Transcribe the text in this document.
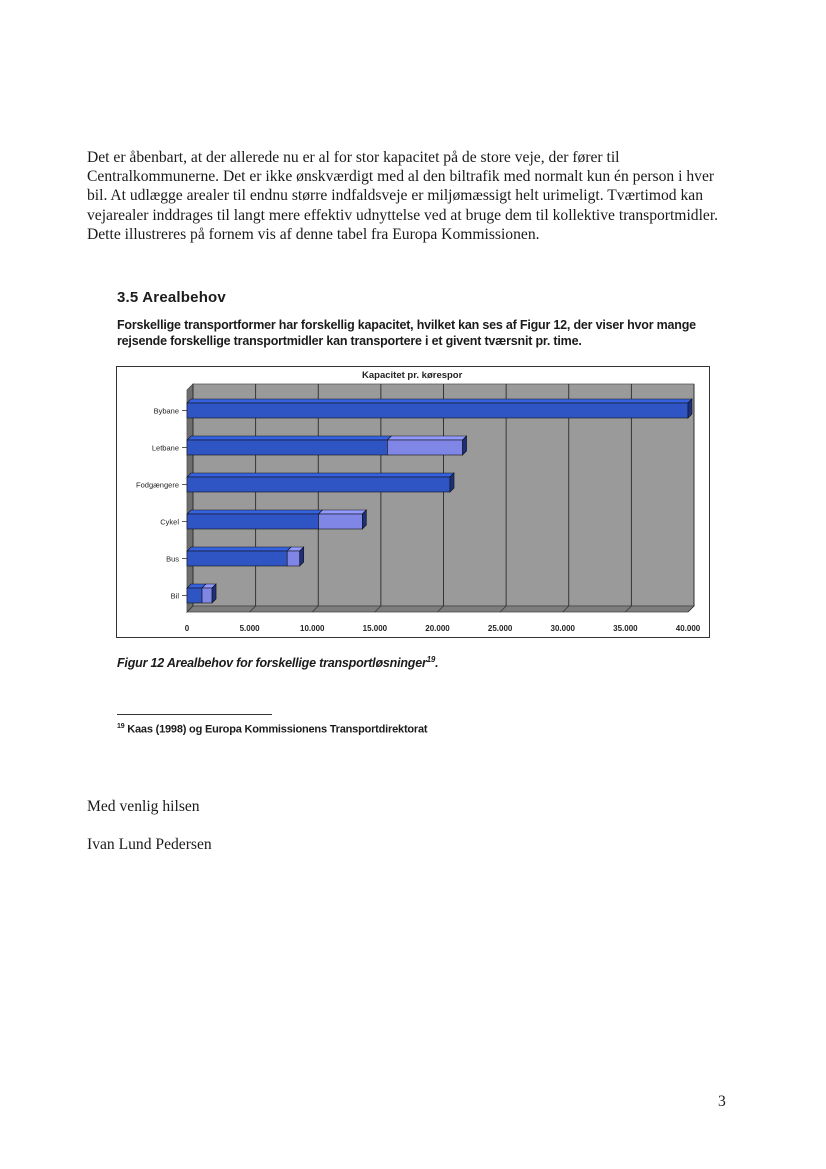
Det er åbenbart, at der allerede nu er al for stor kapacitet på de store veje, der fører til Centralkommunerne. Det er ikke ønskværdigt med al den biltrafik med normalt kun én person i hver bil. At udlægge arealer til endnu større indfaldsveje er miljømæssigt helt urimeligt. Tværtimod kan vejarealer inddrages til langt mere effektiv udnyttelse ved at bruge dem til kollektive transportmidler. Dette illustreres på fornem vis af denne tabel fra Europa Kommissionen.

3.5 Arealbehov

Forskellige transportformer har forskellig kapacitet, hvilket kan ses af Figur 12, der viser hvor mange rejsende forskellige transportmidler kan transportere i et givent tværsnit pr. time.

Kapacitet pr. kørespor
Bybane
Letbane
Fodgængere
Cykel
Bus
Bil
0	5.000	10.000	15.000	20.000	25.000	30.000	35.000	40.000

Figur 12 Arealbehov for forskellige transportløsninger$^{19}$.

$^{19}$ Kaas (1998) og Europa Kommissionens Transportdirektorat

Med venlig hilsen

Ivan Lund Pedersen

3
